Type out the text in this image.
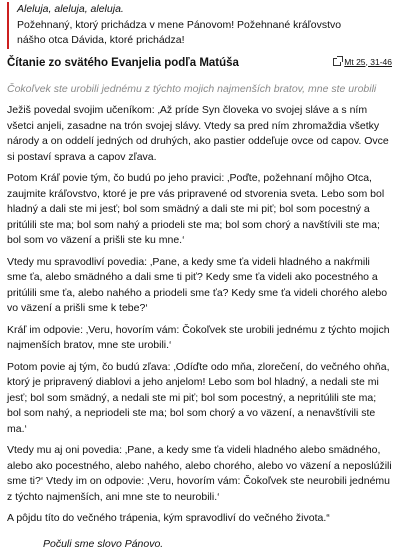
Aleluja, aleluja, aleluja.
Požehnaný, ktorý prichádza v mene Pánovom! Požehnané kráľovstvo nášho otca Dávida, ktoré prichádza!
Čítanie zo svätého Evanjelia podľa Matúša	Mt 25, 31-46
Čokoľvek ste urobili jednému z týchto mojich najmenších bratov, mne ste urobili

Ježiš povedal svojim učeníkom: ‚Až príde Syn človeka vo svojej sláve a s ním všetci anjeli, zasadne na trón svojej slávy. Vtedy sa pred ním zhromaždia všetky národy a on oddelí jedných od druhých, ako pastier oddeľuje ovce od capov. Ovce si postaví sprava a capov zľava.

Potom Kráľ povie tým, čo budú po jeho pravici: ‚Poďte, požehnaní môjho Otca, zaujmite kráľovstvo, ktoré je pre vás pripravené od stvorenia sveta. Lebo som bol hladný a dali ste mi jesť; bol som smädný a dali ste mi piť; bol som pocestný a pritúlili ste ma; bol som nahý a priodeli ste ma; bol som chorý a navštívili ste ma; bol som vo väzení a prišli ste ku mne.‘

Vtedy mu spravodliví povedia: ‚Pane, a kedy sme ťa videli hladného a nakŕmili sme ťa, alebo smädného a dali sme ti piť? Kedy sme ťa videli ako pocestného a pritúlili sme ťa, alebo nahého a priodeli sme ťa? Kedy sme ťa videli chorého alebo vo väzení a prišli sme k tebe?‘

Kráľ im odpovie: ‚Veru, hovorím vám: Čokoľvek ste urobili jednému z týchto mojich najmenších bratov, mne ste urobili.‘

Potom povie aj tým, čo budú zľava: ‚Odíďte odo mňa, zlorečení, do večného ohňa, ktorý je pripravený diablovi a jeho anjelom! Lebo som bol hladný, a nedali ste mi jesť; bol som smädný, a nedali ste mi piť; bol som pocestný, a nepritúlili ste ma; bol som nahý, a nepriodeli ste ma; bol som chorý a vo väzení, a nenavštívili ste ma.‘

Vtedy mu aj oni povedia: ‚Pane, a kedy sme ťa videli hladného alebo smädného, alebo ako pocestného, alebo nahého, alebo chorého, alebo vo väzení a neposlúžili sme ti?‘ Vtedy im on odpovie: ‚Veru, hovorím vám: Čokoľvek ste neurobili jednému z týchto najmenších, ani mne ste to neurobili.‘

A pôjdu títo do večného trápenia, kým spravodliví do večného života.“

Počuli sme slovo Pánovo.
